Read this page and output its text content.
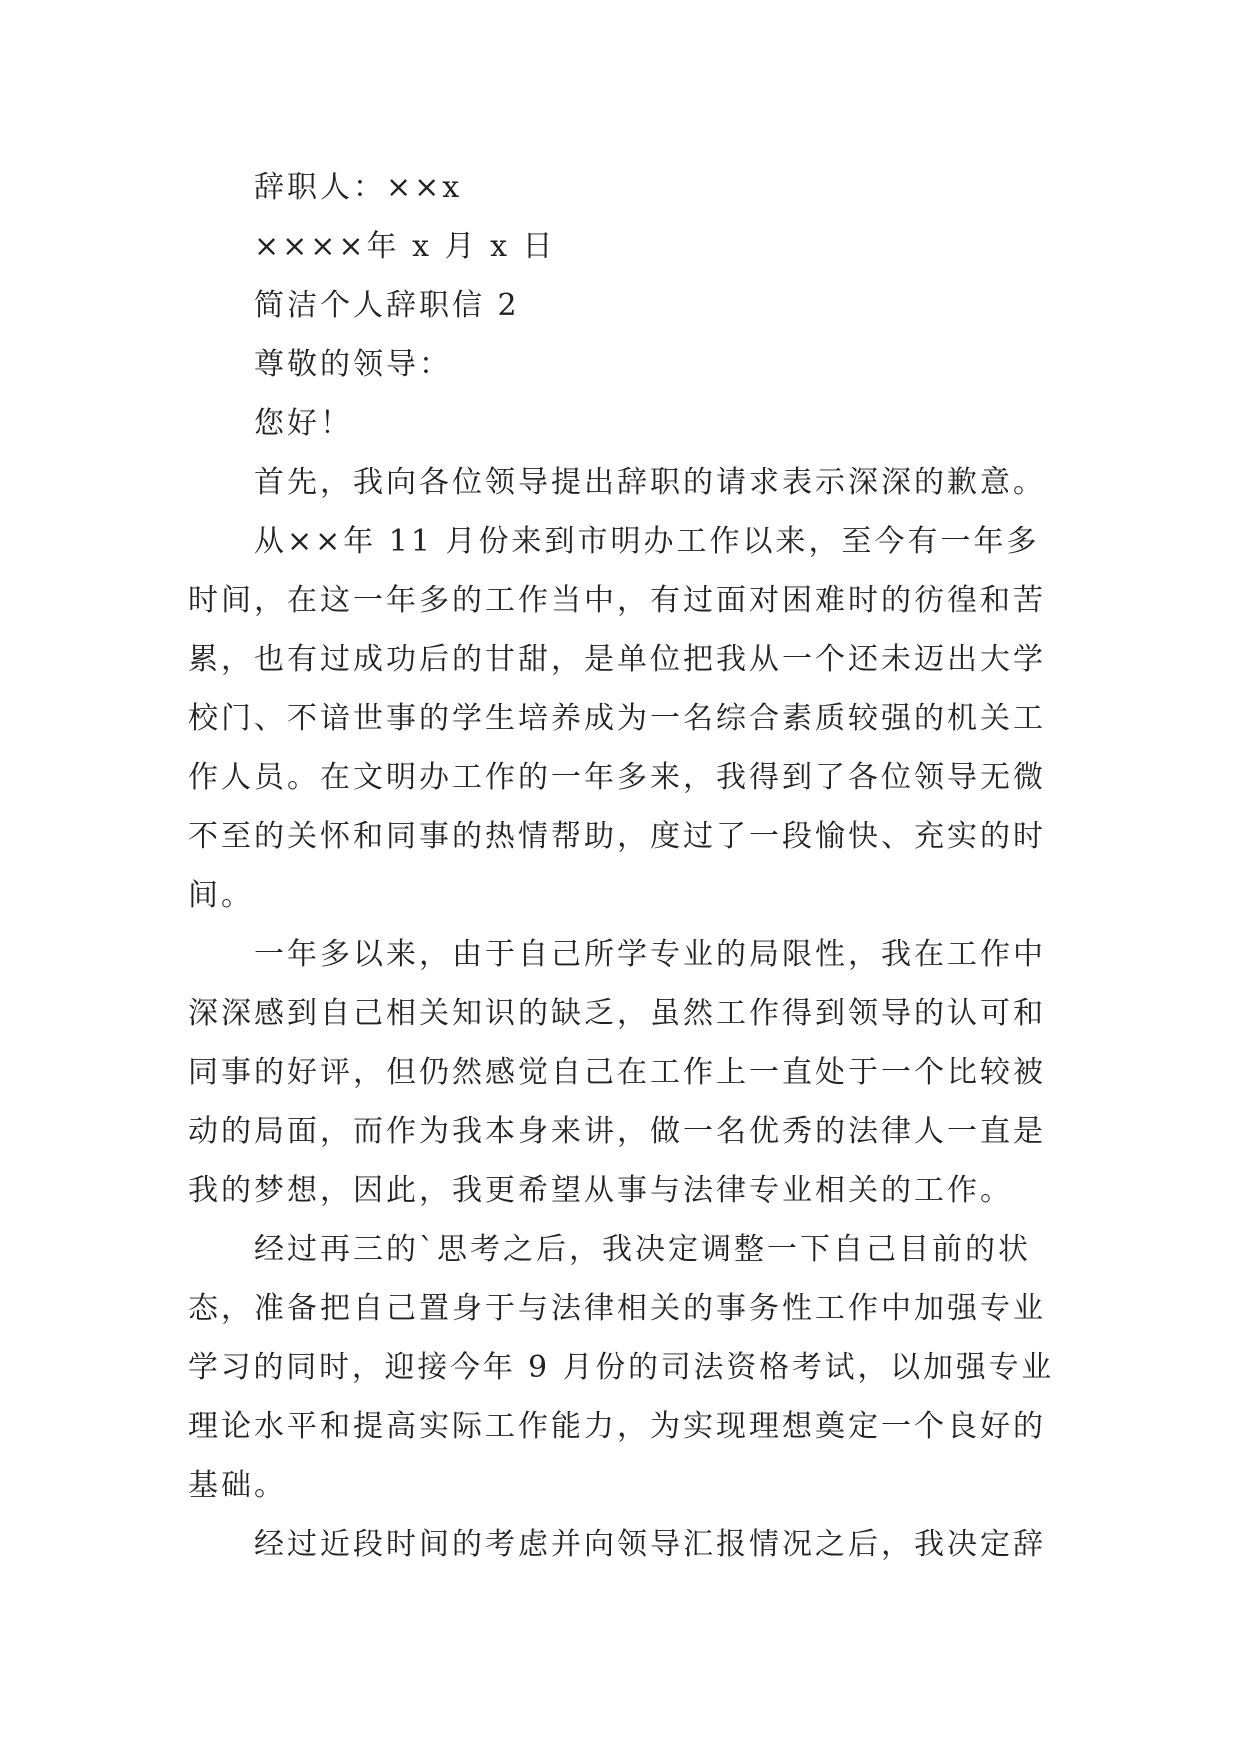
辞职人：××x

××××年 x 月 x 日

简洁个人辞职信 2

尊敬的领导：

您好！

首先，我向各位领导提出辞职的请求表示深深的歉意。

从××年 11 月份来到市明办工作以来，至今有一年多

时间，在这一年多的工作当中，有过面对困难时的彷徨和苦

累，也有过成功后的甘甜，是单位把我从一个还未迈出大学

校门、不谙世事的学生培养成为一名综合素质较强的机关工

作人员。在文明办工作的一年多来，我得到了各位领导无微

不至的关怀和同事的热情帮助，度过了一段愉快、充实的时

间。

一年多以来，由于自己所学专业的局限性，我在工作中

深深感到自己相关知识的缺乏，虽然工作得到领导的认可和

同事的好评，但仍然感觉自己在工作上一直处于一个比较被

动的局面，而作为我本身来讲，做一名优秀的法律人一直是

我的梦想，因此，我更希望从事与法律专业相关的工作。

经过再三的`思考之后，我决定调整一下自己目前的状

态，准备把自己置身于与法律相关的事务性工作中加强专业

学习的同时，迎接今年 9 月份的司法资格考试，以加强专业

理论水平和提高实际工作能力，为实现理想奠定一个良好的

基础。

经过近段时间的考虑并向领导汇报情况之后，我决定辞
